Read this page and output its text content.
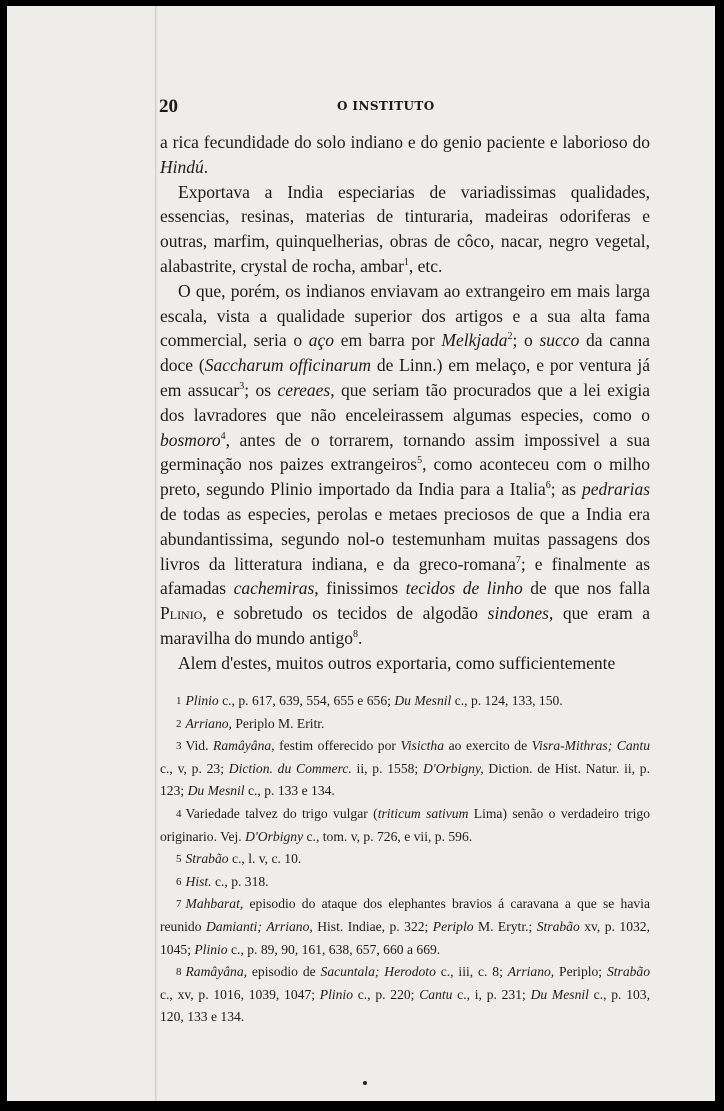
20	O INSTITUTO

a rica fecundidade do solo indiano e do genio paciente e laborioso do Hindú.

Exportava a India especiarias de variadissimas qualidades, essencias, resinas, materias de tinturaria, madeiras odoriferas e outras, marfim, quinquelherias, obras de côco, nacar, negro vegetal, alabastrite, crystal de rocha, ambar$^1$, etc.

O que, porém, os indianos enviavam ao extrangeiro em mais larga escala, vista a qualidade superior dos artigos e a sua alta fama commercial, seria o aço em barra por Melkjada$^2$; o succo da canna doce (Saccharum officinarum de Linn.) em melaço, e por ventura já em assucar$^3$; os cereaes, que seriam tão procurados que a lei exigia dos lavradores que não enceleirassem algumas especies, como o bosmoro$^4$, antes de o torrarem, tornando assim impossivel a sua germinação nos paizes extrangeiros$^5$, como aconteceu com o milho preto, segundo Plinio importado da India para a Italia$^6$; as pedrarias de todas as especies, perolas e metaes preciosos de que a India era abundantissima, segundo nol-o testemunham muitas passagens dos livros da litteratura indiana, e da greco-romana$^7$; e finalmente as afamadas cachemiras, finissimos tecidos de linho de que nos falla Plinio, e sobretudo os tecidos de algodão sindones, que eram a maravilha do mundo antigo$^8$.

Alem d'estes, muitos outros exportaria, como sufficientemente

1 Plinio c., p. 617, 639, 554, 655 e 656; Du Mesnil c., p. 124, 133, 150.

2 Arriano, Periplo M. Eritr.

3 Vid. Ramâyâna, festim offerecido por Visictha ao exercito de Visra-Mithras; Cantu c., v, p. 23; Diction. du Commerc. ii, p. 1558; D'Orbigny, Diction. de Hist. Natur. ii, p. 123; Du Mesnil c., p. 133 e 134.

4 Variedade talvez do trigo vulgar (triticum sativum Lima) senão o verdadeiro trigo originario. Vej. D'Orbigny c., tom. v, p. 726, e vii, p. 596.

5 Strabão c., l. v, c. 10.

6 Hist. c., p. 318.

7 Mahbarat, episodio do ataque dos elephantes bravios á caravana a que se havia reunido Damianti; Arriano, Hist. Indiae, p. 322; Periplo M. Erytr.; Strabão xv, p. 1032, 1045; Plinio c., p. 89, 90, 161, 638, 657, 660 a 669.

8 Ramâyâna, episodio de Sacuntala; Herodoto c., iii, c. 8; Arriano, Periplo; Strabão c., xv, p. 1016, 1039, 1047; Plinio c., p. 220; Cantu c., i, p. 231; Du Mesnil c., p. 103, 120, 133 e 134.
